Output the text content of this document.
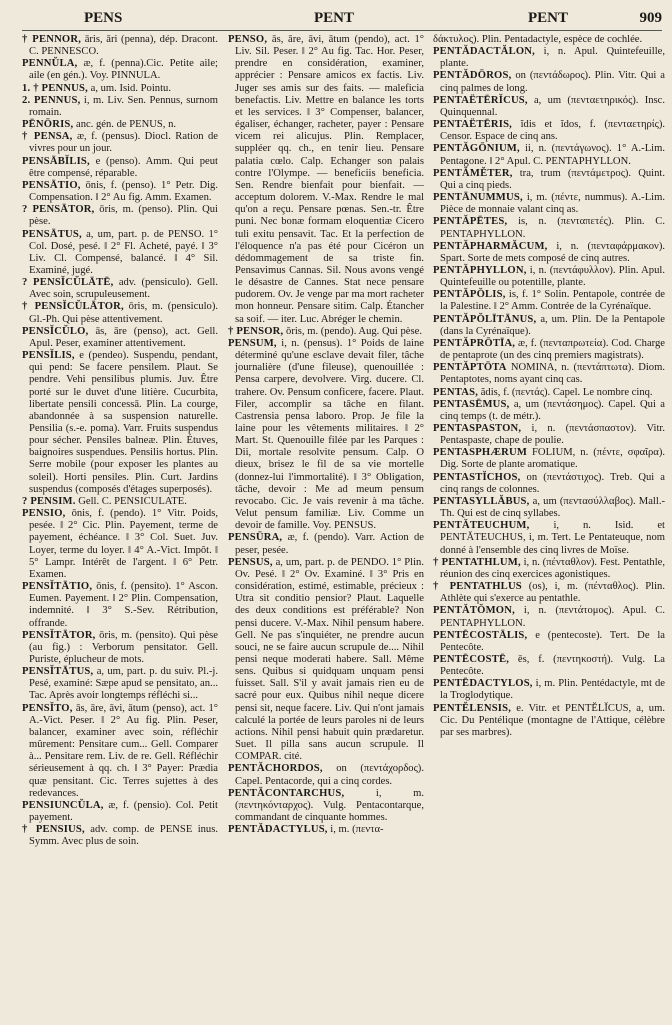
PENS	PENT	PENT	909
† PENNOR, āris, āri (penna), dép. Dracont. C. PENNESCO.
PENNŬLA, æ, f. (penna).Cic. Petite aile; aile (en gén.). Voy. PINNULA.
1. † PENNUS, a, um. Isid. Pointu.
2. PENNUS, i, m. Liv. Sen. Pennus, surnom romain.
PĒNŌRIS, anc. gén. de PENUS, n.
† PENSA, æ, f. (pensus). Diocl. Ration de vivres pour un jour.
PENSĀBĬLIS, e (penso). Amm. Qui peut être compensé, réparable.
PENSĀTIO, ōnis, f. (penso). 1° Petr. Dig. Compensation. ‖ 2° Au fig. Amm. Examen.
? PENSĀTOR, ōris, m. (penso). Plin. Qui pèse.
PENSĀTUS, a, um, part. p. de PENSO. 1° Col. Dosé, pesé. ‖ 2° Fl. Acheté, payé. ‖ 3° Liv. Cl. Compensé, balancé. ‖ 4° Sil. Examiné, jugé.
? PENSĬCŬLĀTĒ, adv. (pensiculo). Gell. Avec soin, scrupuleusement.
† PENSĬCŬLĀTOR, ōris, m. (pensiculo). Gl.-Ph. Qui pèse attentivement.
PENSĬCŬLO, ās, āre (penso), act. Gell. Apul. Peser, examiner attentivement.
PENSĬLIS, e (pendeo). Suspendu, pendant, qui pend: Se facere pensilem. Plaut. Se pendre. Vehi pensilibus plumis. Juv. Être porté sur le duvet d'une litière. Cucurbita, libertate pensili concessā. Plin. La courge, abandonnée à sa suspension naturelle. Pensilia (s.-e. poma). Varr. Fruits suspendus pour sécher. Pensiles balneæ. Plin. Étuves, baignoires suspendues. Pensilis hortus. Plin. Serre mobile (pour exposer les plantes au soleil). Horti pensiles. Plin. Curt. Jardins suspendus (composés d'étages superposés).
? PENSIM. Gell. C. PENSICULATE.
PENSIO, ōnis, f. (pendo). 1° Vitr. Poids, pesée. ‖ 2° Cic. Plin. Payement, terme de payement, échéance. ‖ 3° Col. Suet. Juv. Loyer, terme du loyer. ‖ 4° A.-Vict. Impôt. ‖ 5° Lampr. Intérêt de l'argent. ‖ 6° Petr. Examen.
PENSĬTĀTIO, ōnis, f. (pensito). 1° Ascon. Eumen. Payement. ‖ 2° Plin. Compensation, indemnité. ‖ 3° S.-Sev. Rétribution, offrande.
PENSĬTĀTOR, ōris, m. (pensito). Qui pèse (au fig.) : Verborum pensitator. Gell. Puriste, éplucheur de mots.
PENSĬTĀTUS, a, um, part. p. du suiv. Pl.-j. Pesé, examiné: Sæpe apud se pensitato, an... Tac. Après avoir longtemps réfléchi si...
PENSĬTO, ās, āre, āvi, ātum (penso), act. 1° A.-Vict. Peser. ‖ 2° Au fig. Plin. Peser, balancer, examiner avec soin, réfléchir mûrement: Pensitare cum... Gell. Comparer à... Pensitare rem. Liv. de re. Gell. Réfléchir sérieusement à qq. ch. ‖ 3° Payer: Prædia quæ pensitant. Cic. Terres sujettes à des redevances.
PENSIUNCŬLA, æ, f. (pensio). Col. Petit payement.
† PENSIUS, adv. comp. de PENSE inus. Symm. Avec plus de soin.
PENSO, ās, āre, āvi, ātum (pendo), act. 1° Liv. Sil. Peser. ‖ 2° Au fig. Tac. Hor. Peser, prendre en considération, examiner, apprécier : Pensare amicos ex factis. Liv. Juger ses amis sur des faits. — maleficia benefactis. Liv. Mettre en balance les torts et les services. ‖ 3° Compenser, balancer, égaliser, échanger, racheter, payer : Pensare vicem rei alicujus. Plin. Remplacer, suppléer qq. ch., en tenir lieu. Pensare palatia cœlo. Calp. Echanger son palais contre l'Olympe. — beneficiis beneficia. Sen. Rendre bienfait pour bienfait. — acceptum dolorem. V.-Max. Rendre le mal qu'on a reçu. Pensare pœnas. Sen.-tr. Être puni. Nec bonæ formam eloquentiæ Cicero tuli exitu pensavit. Tac. Et la perfection de l'éloquence n'a pas été pour Cicéron un dédommagement de sa triste fin. Pensavimus Cannas. Sil. Nous avons vengé le désastre de Cannes. Stat nece pensare pudorem. Ov. Je venge par ma mort racheter mon honneur. Pensare sitim. Calp. Étancher sa soif. — iter. Luc. Abréger le chemin.
† PENSOR, ōris, m. (pendo). Aug. Qui pèse.
PENSUM, i, n. (pensus). 1° Poids de laine déterminé qu'une esclave devait filer, tâche journalière (d'une fileuse), quenouillée : Pensa carpere, devolvere. Virg. ducere. Cl. trahere. Ov. Pensum conficere, facere. Plaut. Filer, accomplir sa tâche en filant. Castrensia pensa laboro. Prop. Je file la laine pour les vêtements militaires. ‖ 2° Mart. St. Quenouille filée par les Parques : Dii, mortale resolvite pensum. Calp. O dieux, brisez le fil de sa vie mortelle (donnez-lui l'immortalité). ‖ 3° Obligation, tâche, devoir : Me ad meum pensum revocabo. Cic. Je vais revenir à ma tâche. Velut pensum familiæ. Liv. Comme un devoir de famille. Voy. PENSUS.
PENSŪRA, æ, f. (pendo). Varr. Action de peser, pesée.
PENSUS, a, um, part. p. de PENDO. 1° Plin. Ov. Pesé. ‖ 2° Ov. Examiné. ‖ 3° Pris en considération, estimé, estimable, précieux : Utra sit conditio pensior? Plaut. Laquelle des deux conditions est préférable? Non pensi ducere. V.-Max. Nihil pensum habere. Gell. Ne pas s'inquiéter, ne prendre aucun souci, ne se faire aucun scrupule de.... Nihil pensi neque moderati habere. Sall. Même sens. Quibus si quidquam unquam pensi fuisset. Sall. S'il y avait jamais rien eu de sacré pour eux. Quibus nihil neque dicere pensi sit, neque facere. Liv. Qui n'ont jamais calculé la portée de leurs paroles ni de leurs actions. Nihil pensi habuit quin prædaretur. Suet. Il pilla sans aucun scrupule. Il COMPAR. cité.
PENTĂCHORDOS, on (πεντάχορδος). Capel. Pentacorde, qui a cinq cordes.
PENTĂCONTARCHUS,	i, m. (πεντηκόνταρχος). Vulg. Pentacontarque, commandant de cinquante hommes.
PENTĂDACTYLUS, i, m. (πεντα-
δάκτυλος). Plin. Pentadactyle, espèce de cochlée.
PENTĂDACTĂLON, i, n. Apul. Quintefeuille, plante.
PENTĂDŌROS, on (πεντάδωρος). Plin. Vitr. Qui a cinq palmes de long.
PENTAËTĒRĬCUS, a, um (πενταετηρικός). Insc. Quinquennal.
PENTAËTĒRIS, ĭdis et ĭdos, f. (πενταετηρίς). Censor. Espace de cinq ans.
PENTĂGŌNIUM, ii, n. (πεντάγωνος). 1° A.-Lim. Pentagone. ‖ 2° Apul. C. PENTAPHYLLON.
PENTĂMĔTER, tra, trum (πεντάμετρος). Quint. Qui a cinq pieds.
PENTĀNUMMUS, i, m. (πέντε, nummus). A.-Lim. Pièce de monnaie valant cinq as.
PENTĂPĒTES, is, n. (πενταπετές). Plin. C. PENTAPHYLLON.
PENTĂPHARMĂCUM, i, n. (πενταφάρμακον). Spart. Sorte de mets composé de cinq autres.
PENTĂPHYLLON, i, n. (πεντάφυλλον). Plin. Apul. Quintefeuille ou potentille, plante.
PENTĂPŎLIS, is, f. 1° Solin. Pentapole, contrée de la Palestine. ‖ 2° Amm. Contrée de la Cyrénaïque.
PENTĂPŎLĪTĀNUS, a, um. Plin. De la Pentapole (dans la Cyrénaïque).
PENTĂPRŌTĪA, æ, f. (πενταπρωτεία). Cod. Charge de pentaprote (un des cinq premiers magistrats).
PENTĂPTŌTA NOMINA, n. (πεντάπτωτα). Diom. Pentaptotes, noms ayant cinq cas.
PENTAS, ădis, f. (πεντάς). Capel. Le nombre cinq.
PENTASĒMUS, a, um (πεντάσημος). Capel. Qui a cinq temps (t. de métr.).
PENTASPASTON, i, n. (πεντάσπαστον). Vitr. Pentaspaste, chape de poulie.
PENTASPHÆRUM FOLIUM, n. (πέντε, σφαῖρα). Dig. Sorte de plante aromatique.
PENTASTĬCHOS, on (πεντάστιχος). Treb. Qui a cinq rangs de colonnes.
PENTASYLLĂBUS, a, um (πεντασύλλαβος). Mall.-Th. Qui est de cinq syllabes.
PENTĂTEUCHUM, i, n. Isid. et PENTĂTEUCHUS, i, m. Tert. Le Pentateuque, nom donné à l'ensemble des cinq livres de Moïse.
† PENTATHLUM, i, n. (πένταθλον). Fest. Pentathle, réunion des cinq exercices agonistiques.
† PENTATHLUS (os), i, m. (πένταθλος). Plin. Athlète qui s'exerce au pentathle.
PENTĂTŎMON, i, n. (πεντάτομος). Apul. C. PENTAPHYLLON.
PENTĒCOSTĀLIS, e (pentecoste). Tert. De la Pentecôte.
PENTĒCOSTĒ, ēs, f. (πεντηκοστή). Vulg. La Pentecôte.
PENTĒDACTYLOS, i, m. Plin. Pentédactyle, mt de la Troglodytique.
PENTĔLENSIS, e. Vitr. et PENTĔLĬCUS, a, um. Cic. Du Pentélique (montagne de l'Attique, célèbre par ses marbres).
